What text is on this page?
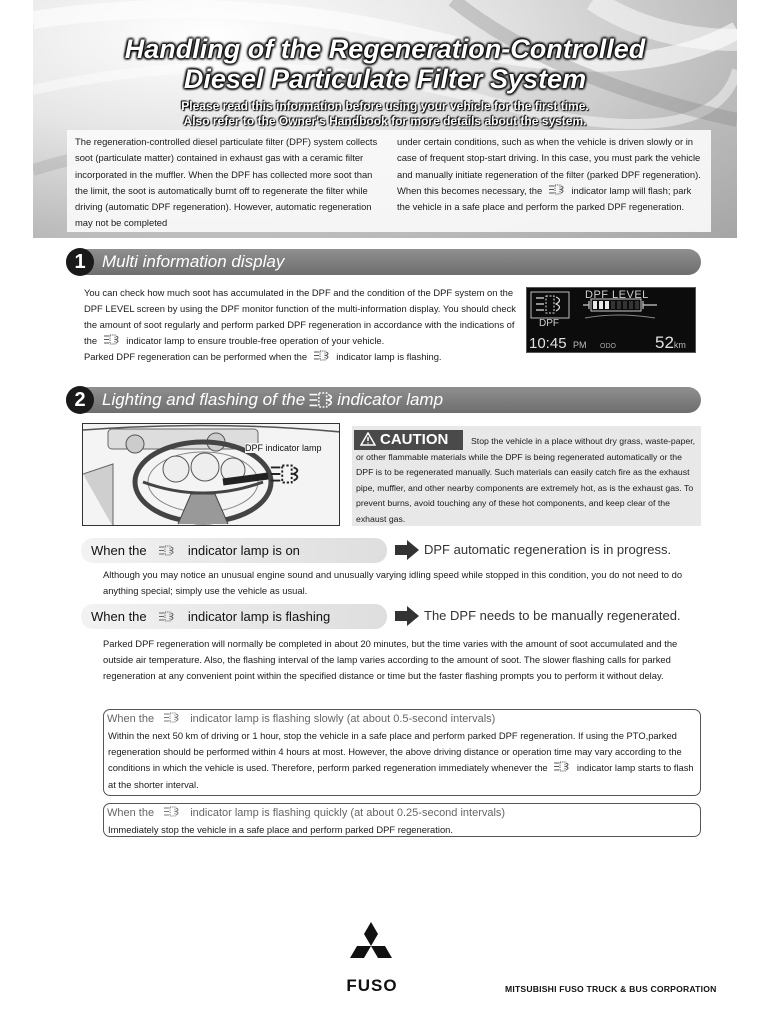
Handling of the Regeneration-Controlled
Diesel Particulate Filter System
Please read this information before using your vehicle for the first time.
Also refer to the Owner's Handbook for more details about the system.
The regeneration-controlled diesel particulate filter (DPF) system collects soot (particulate matter) contained in exhaust gas with a ceramic filter incorporated in the muffler. When the DPF has collected more soot than the limit, the soot is automatically burnt off to regenerate the filter while driving (automatic DPF regeneration). However, automatic regeneration may not be completed
under certain conditions, such as when the vehicle is driven slowly or in case of frequent stop-start driving. In this case, you must park the vehicle and manually initiate regeneration of the filter (parked DPF regeneration). When this becomes necessary, the	indicator lamp will flash; park the vehicle in a safe place and perform the parked DPF regeneration.
1 Multi information display
You can check how much soot has accumulated in the DPF and the condition of the DPF system on the DPF LEVEL screen by using the DPF monitor function of the multi-information display. You should check the amount of soot regularly and perform parked DPF regeneration in accordance with the indications of the	indicator lamp to ensure trouble-free operation of your vehicle.
Parked DPF regeneration can be performed when the	indicator lamp is flashing.
DPF LEVEL
DPF
10:45 PM ODO 52km
2 Lighting and flashing of the indicator lamp
DPF indicator lamp
Stop the vehicle in a place without dry grass, waste-paper, or other flammable materials while the DPF is being regenerated automatically or the DPF is to be regenerated manually. Such materials can easily catch fire as the exhaust pipe, muffler, and other nearby components are extremely hot, as is the exhaust gas. To prevent burns, avoid touching any of these hot components, and keep clear of the exhaust gas.
CAUTION
When the	indicator lamp is on	DPF automatic regeneration is in progress.
Although you may notice an unusual engine sound and unusually varying idling speed while stopped in this condition, you do not need to do anything special; simply use the vehicle as usual.
When the	indicator lamp is flashing	The DPF needs to be manually regenerated.
Parked DPF regeneration will normally be completed in about 20 minutes, but the time varies with the amount of soot accumulated and the outside air temperature. Also, the flashing interval of the lamp varies according to the amount of soot. The slower flashing calls for parked regeneration at any convenient point within the specified distance or time but the faster flashing prompts you to perform it without delay.
When the	indicator lamp is flashing slowly (at about 0.5-second intervals)
Within the next 50 km of driving or 1 hour, stop the vehicle in a safe place and perform parked DPF regeneration. If using the PTO,parked regeneration should be performed within 4 hours at most. However, the above driving distance or operation time may vary according to the conditions in which the vehicle is used. Therefore, perform parked regeneration immediately whenever the	indicator lamp starts to flash at the shorter interval.
When the	indicator lamp is flashing quickly (at about 0.25-second intervals)
Immediately stop the vehicle in a safe place and perform parked DPF regeneration.
FUSO	MITSUBISHI FUSO TRUCK & BUS CORPORATION
